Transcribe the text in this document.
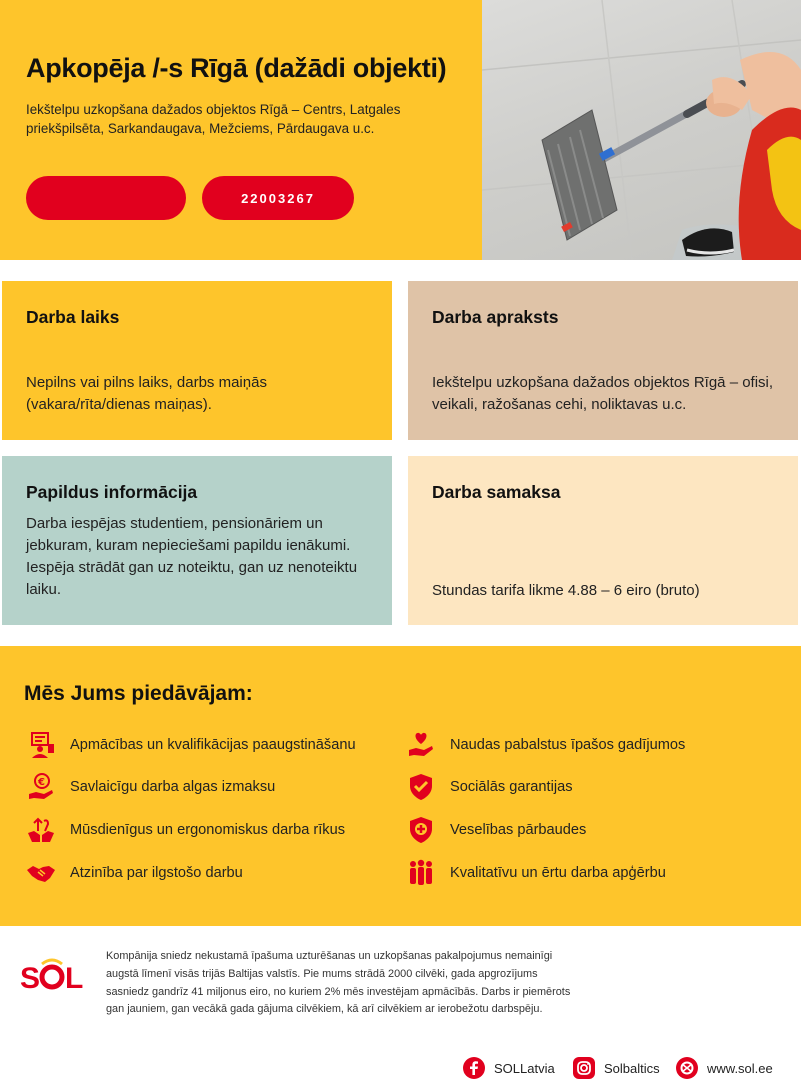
Apkopēja /-s Rīgā (dažādi objekti)

Iekštelpu uzkopšana dažados objektos Rīgā – Centrs, Latgales priekšpilsēta, Sarkandaugava, Mežciems, Pārdaugava u.c.

22003267
Darba laiks

Nepilns vai pilns laiks, darbs maiņās (vakara/rīta/dienas maiņas).

Darba apraksts

Iekštelpu uzkopšana dažados objektos Rīgā – ofisi, veikali, ražošanas cehi, noliktavas u.c.

Papildus informācija

Darba iespējas studentiem, pensionāriem un jebkuram, kuram nepieciešami papildu ienākumi. Iespēja strādāt gan uz noteiktu, gan uz nenoteiktu laiku.

Darba samaksa

Stundas tarifa likme 4.88 – 6 eiro (bruto)

Mēs Jums piedāvājam:
Apmācības un kvalifikācijas paaugstināšanu
€ Savlaicīgu darba algas izmaksu
Mūsdienīgus un ergonomiskus darba rīkus
Atzinība par ilgstošo darbu
Naudas pabalstus īpašos gadījumos
Sociālās garantijas
Veselības pārbaudes
Kvalitatīvu un ērtu darba apģērbu
S L

Kompānija sniedz nekustamā īpašuma uzturēšanas un uzkopšanas pakalpojumus nemainīgi augstā līmenī visās trijās Baltijas valstīs. Pie mums strādā 2000 cilvēki, gada apgrozījums sasniedz gandrīz 41 miljonus eiro, no kuriem 2% mēs investējam apmācībās. Darbs ir piemērots gan jauniem, gan vecākā gada gājuma cilvēkiem, kā arī cilvēkiem ar ierobežotu darbspēju.

SOLLatvia	Solbaltics	www.sol.ee
